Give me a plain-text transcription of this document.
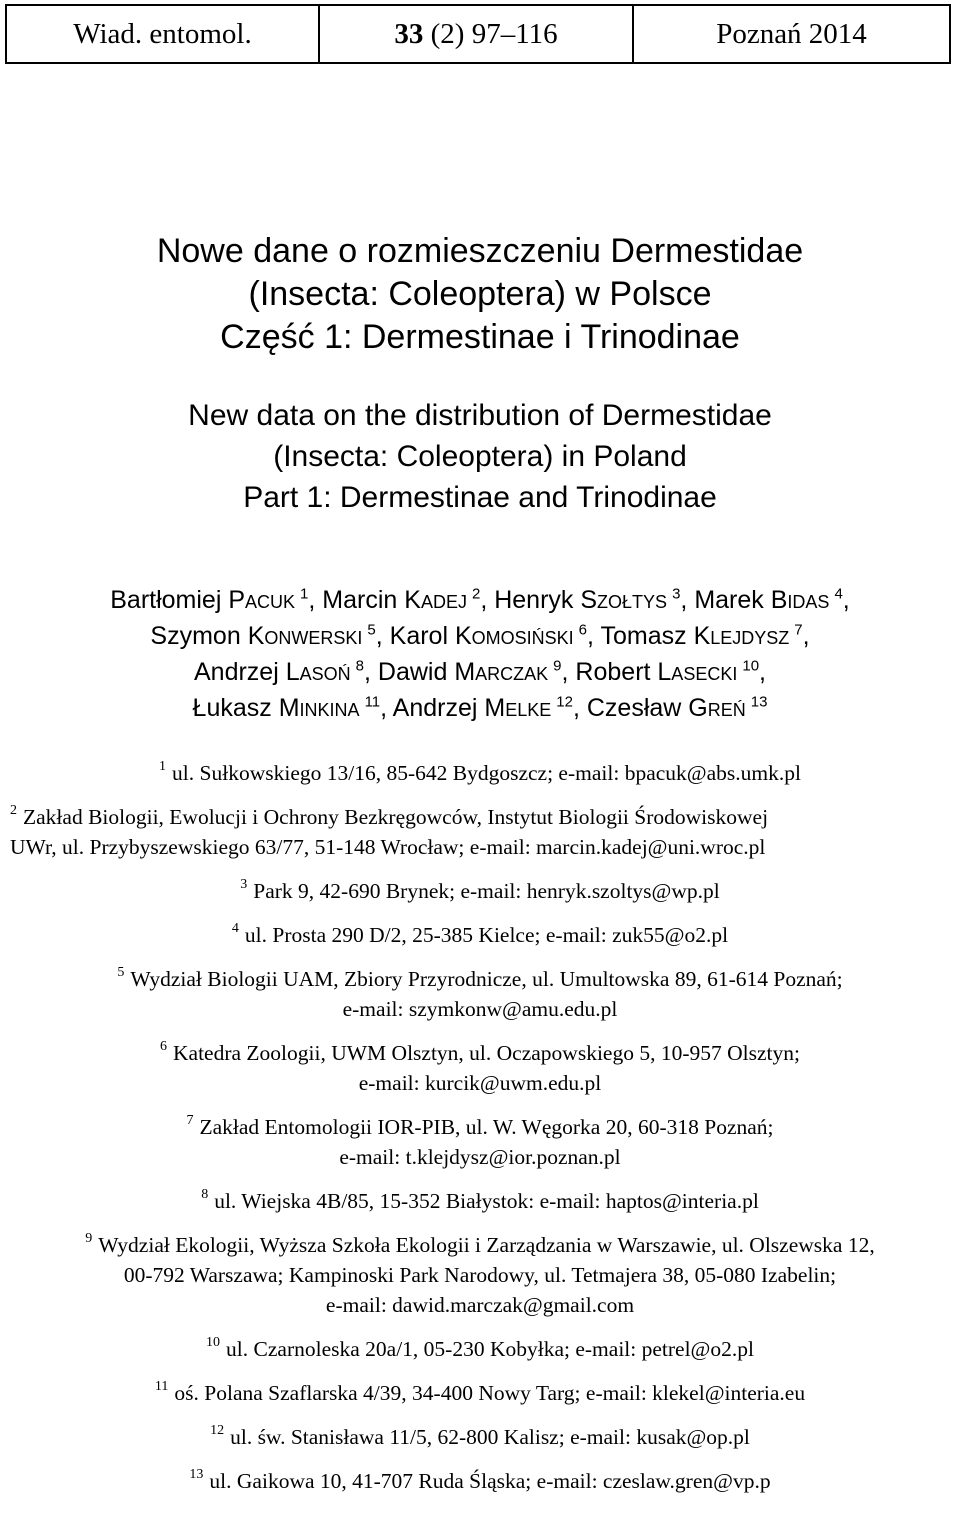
Wiad. entomol.	33 (2) 97–116	Poznań 2014
Nowe dane o rozmieszczeniu Dermestidae
(Insecta: Coleoptera) w Polsce
Część 1: Dermestinae i Trinodinae
New data on the distribution of Dermestidae
(Insecta: Coleoptera) in Poland
Part 1: Dermestinae and Trinodinae
Bartłomiej Pacuk  $^1$, Marcin Kadej  $^2$, Henryk Szołtys  $^3$, Marek Bidas  $^4$,
Szymon Konwerski  $^5$, Karol Komosiński  $^6$, Tomasz Klejdysz  $^7$,
Andrzej Lasoń  $^8$, Dawid Marczak  $^9$, Robert Lasecki  $^{10}$,
Łukasz Minkina  $^{11}$, Andrzej Melke  $^{12}$, Czesław Greń  $^{13}$
$^1$ ul. Sułkowskiego 13/16, 85-642 Bydgoszcz; e-mail: bpacuk@abs.umk.pl
$^2$ Zakład Biologii, Ewolucji i Ochrony Bezkręgowców, Instytut Biologii Środowiskowej
UWr, ul. Przybyszewskiego 63/77, 51-148 Wrocław; e-mail: marcin.kadej@uni.wroc.pl
$^3$ Park 9, 42-690 Brynek; e-mail: henryk.szoltys@wp.pl
$^4$ ul. Prosta 290 D/2, 25-385 Kielce; e-mail: zuk55@o2.pl
$^5$ Wydział Biologii UAM, Zbiory Przyrodnicze, ul. Umultowska 89, 61-614 Poznań;
e-mail: szymkonw@amu.edu.pl
$^6$ Katedra Zoologii, UWM Olsztyn, ul. Oczapowskiego 5, 10-957 Olsztyn;
e-mail: kurcik@uwm.edu.pl
$^7$ Zakład Entomologii IOR-PIB, ul. W. Węgorka 20, 60-318 Poznań;
e-mail: t.klejdysz@ior.poznan.pl
$^8$ ul. Wiejska 4B/85, 15-352 Białystok: e-mail: haptos@interia.pl
$^9$ Wydział Ekologii, Wyższa Szkoła Ekologii i Zarządzania w Warszawie, ul. Olszewska 12,
00-792 Warszawa; Kampinoski Park Narodowy, ul. Tetmajera 38, 05-080 Izabelin;
e-mail: dawid.marczak@gmail.com
$^{10}$ ul. Czarnoleska 20a/1, 05-230 Kobyłka; e-mail: petrel@o2.pl
$^{11}$ oś. Polana Szaflarska 4/39, 34-400 Nowy Targ; e-mail: klekel@interia.eu
$^{12}$ ul. św. Stanisława 11/5, 62-800 Kalisz; e-mail: kusak@op.pl
$^{13}$ ul. Gaikowa 10, 41-707 Ruda Śląska; e-mail: czeslaw.gren@vp.p
